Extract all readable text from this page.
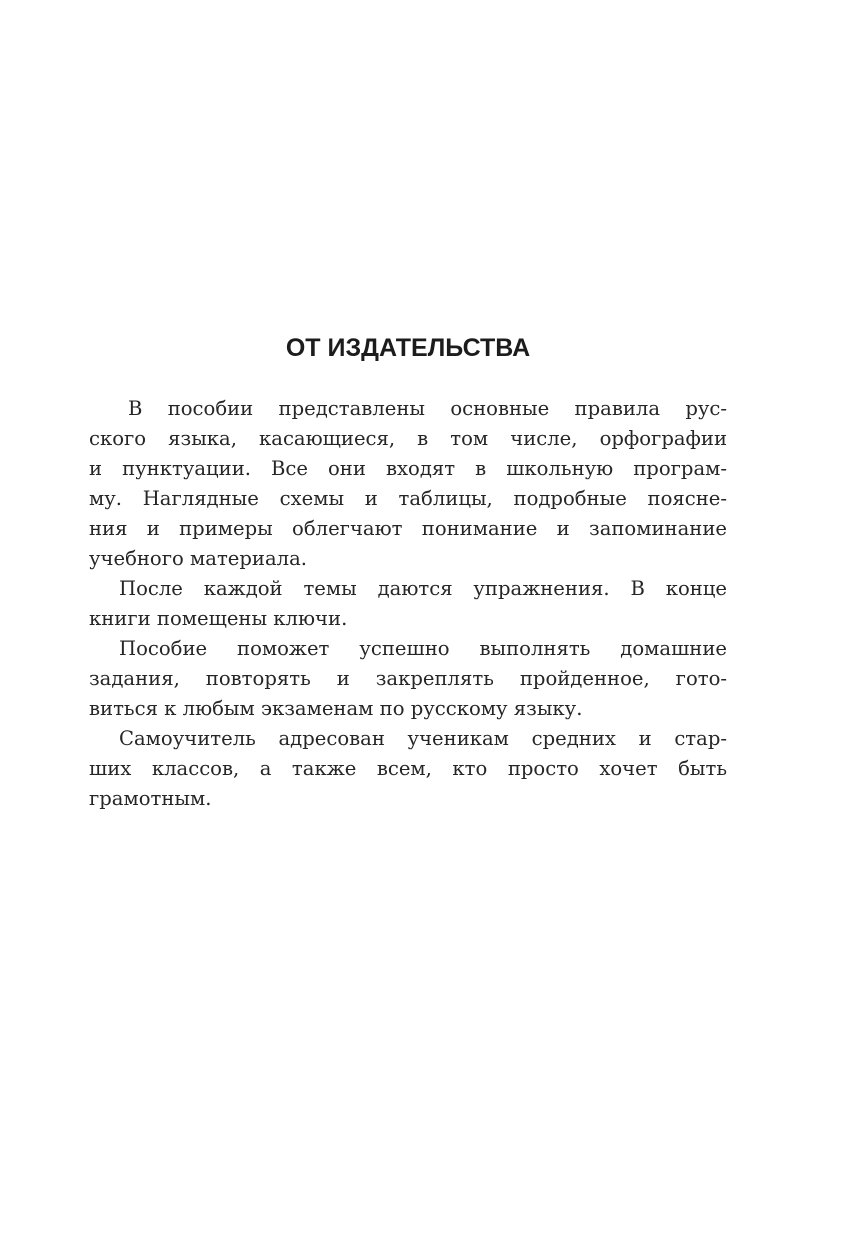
ОТ ИЗДАТЕЛЬСТВА

В пособии представлены основные правила рус-
ского языка, касающиеся, в том числе, орфографии
и пунктуации. Все они входят в школьную програм-
му. Наглядные схемы и таблицы, подробные поясне-
ния и примеры облегчают понимание и запоминание
учебного материала.

После каждой темы даются упражнения. В конце
книги помещены ключи.

Пособие поможет успешно выполнять домашние
задания, повторять и закреплять пройденное, гото-
виться к любым экзаменам по русскому языку.

Самоучитель адресован ученикам средних и стар-
ших классов, а также всем, кто просто хочет быть
грамотным.
